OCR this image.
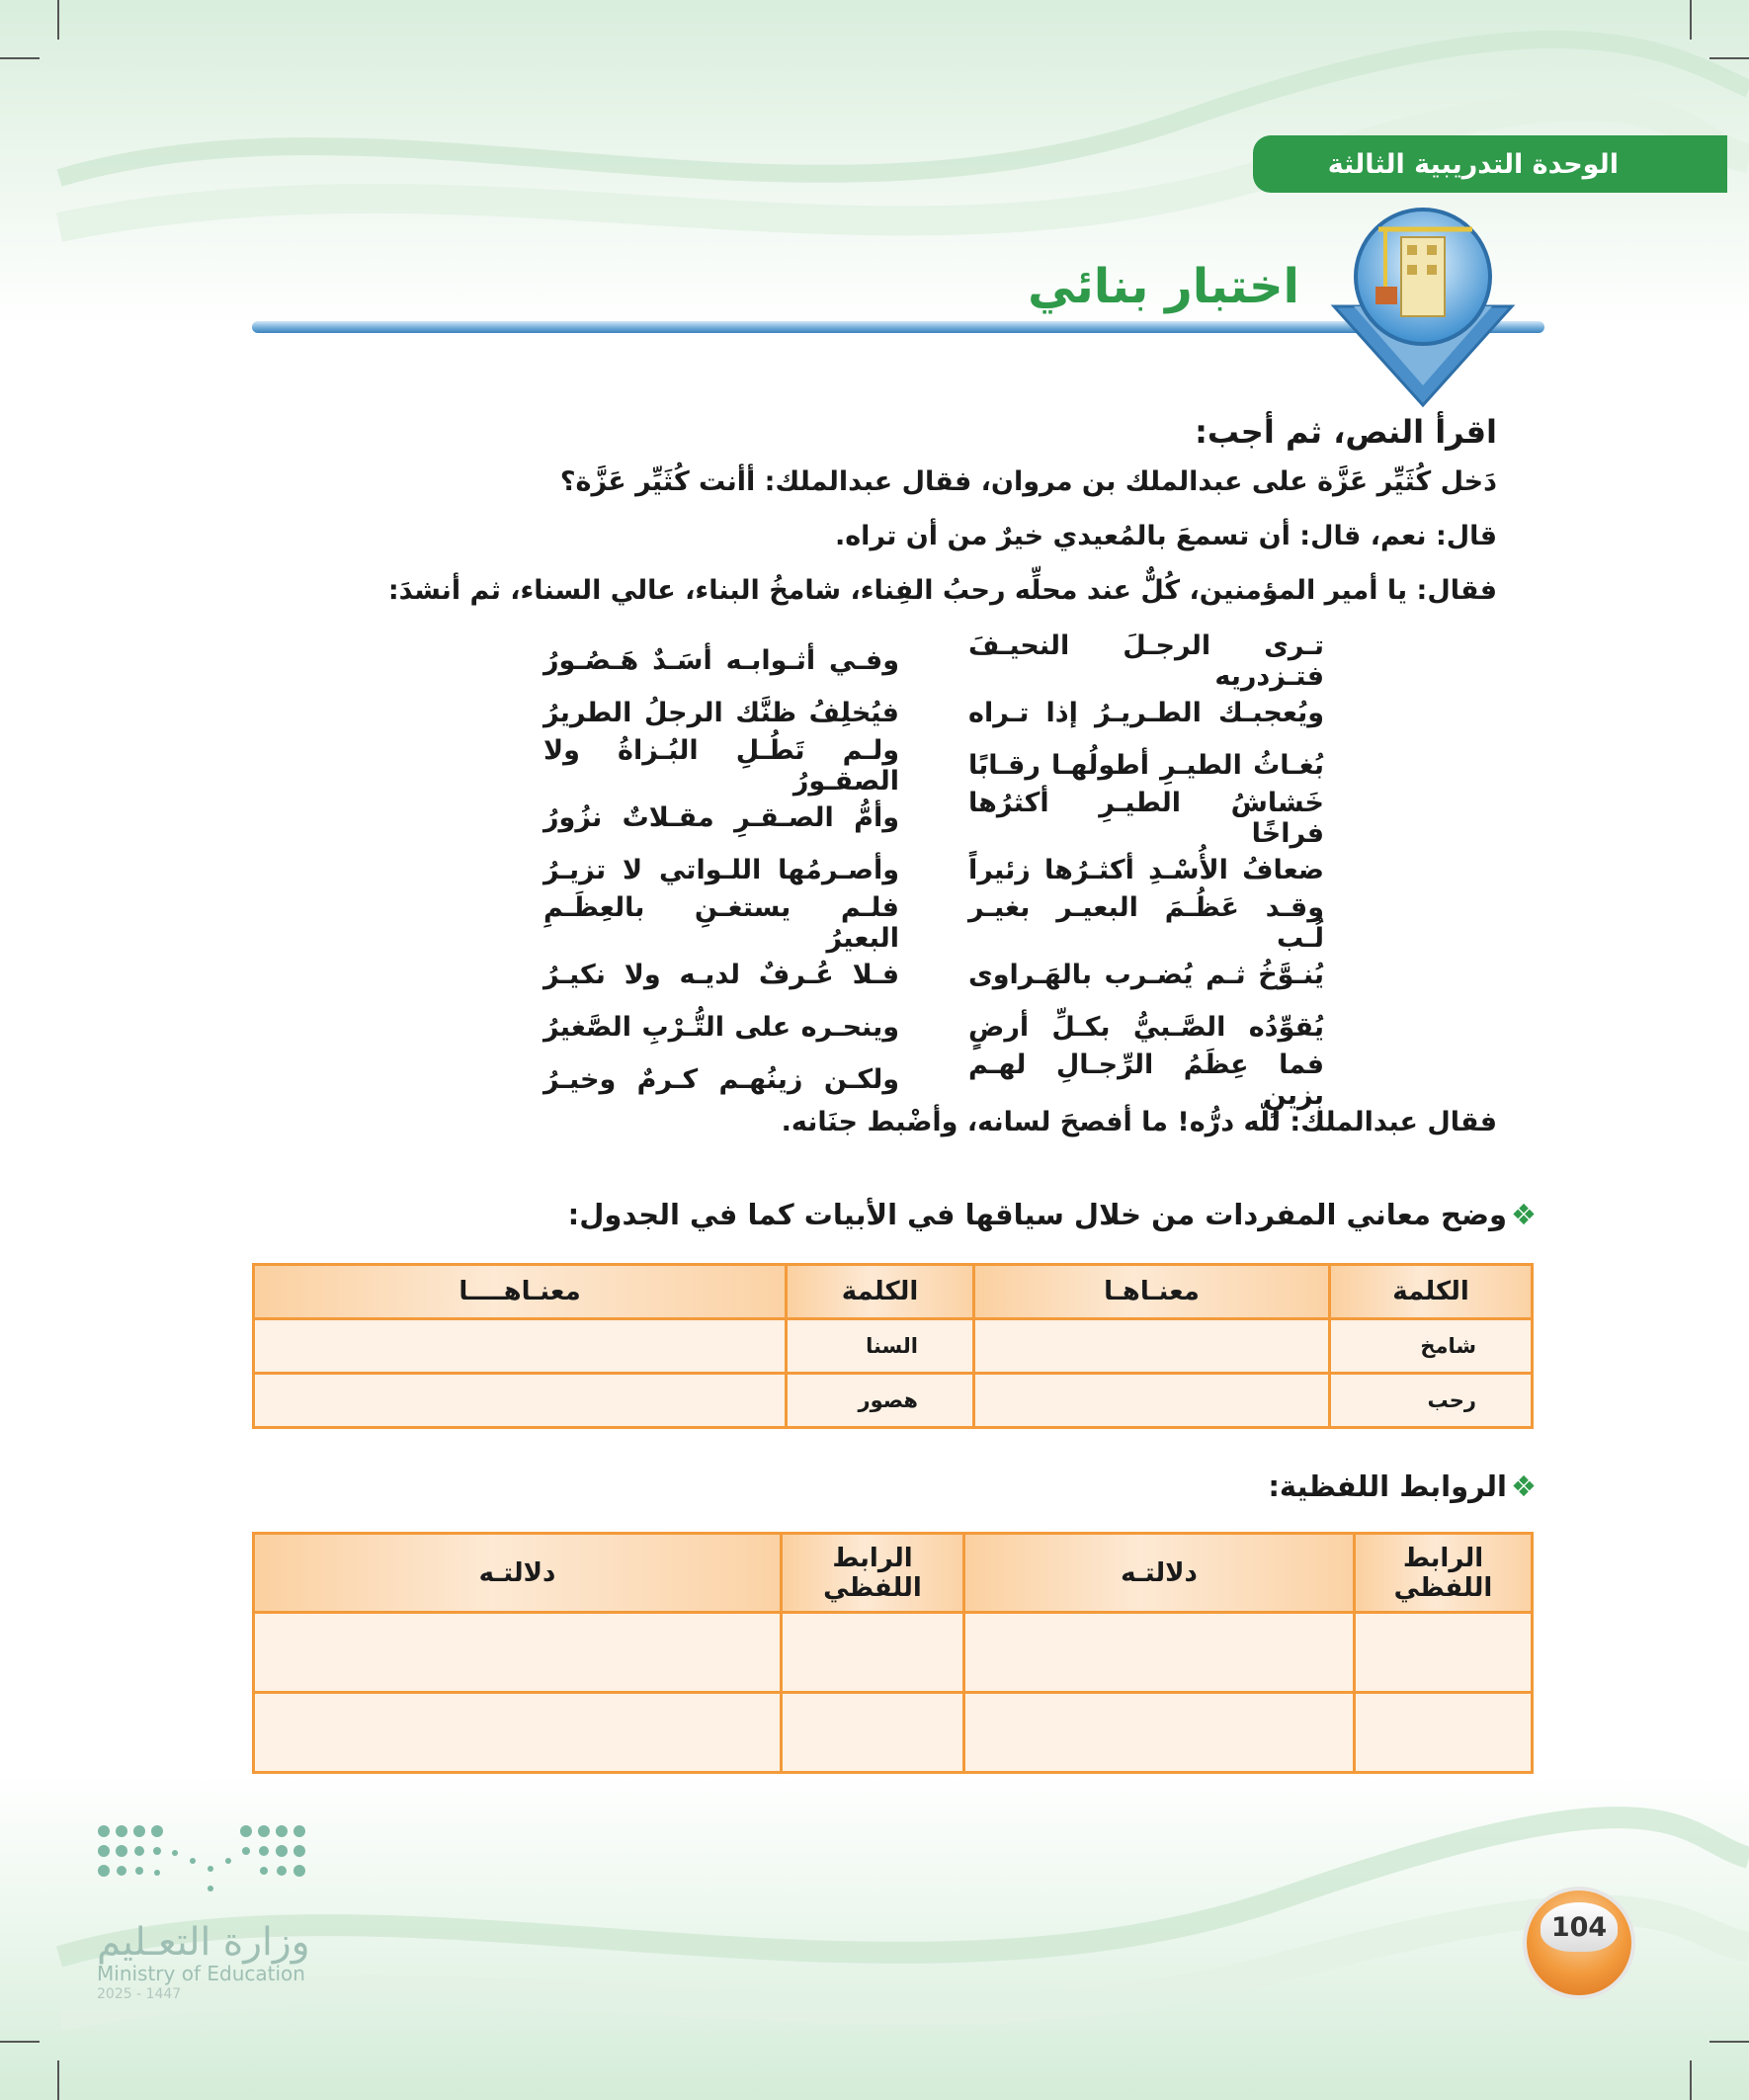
الوحدة التدريبية الثالثة
اختبار بنائي
اقرأ النص، ثم أجب:
دَخل كُثَيِّر عَزَّة على عبدالملك بن مروان، فقال عبدالملك: أأنت كُثَيِّر عَزَّة؟
قال: نعم، قال: أن تسمعَ بالمُعيدي خيرٌ من أن تراه.
فقال: يا أمير المؤمنين، كُلٌّ عند محلِّه رحبُ الفِناء، شامخُ البناء، عالي السناء، ثم أنشدَ:
تـرى الرجـلَ النحيـفَ فتـزدريه
وفـي أثـوابـه أسَـدٌ هَـصُـورُ
ويُعجبـك الطـريـرُ إذا تـراه
فيُخلِفُ ظنَّك الرجلُ الطريرُ
بُغـاثُ الطيـرِ أطولُهـا رقـابًا
ولـم تَطُـلِ البُـزاةُ ولا الصقـورُ
خَشاشُ الطيـرِ أكثرُها فراخًا
وأمُّ الصـقـرِ مقـلاتٌ نزُورُ
ضعافُ الأُسْـدِ أكثـرُها زئيراً
وأصـرمُها اللـواتي لا تزيـرُ
وقـد عَظُـمَ البعيـر بغيـر لُـب
فلـم يستغـنِ بالعِظَـمِ البعيرُ
يُنـوَّخُ ثـم يُضـرب بالهَـراوى
فـلا عُـرفٌ لديـه ولا نكيـرُ
يُقوِّدُه الصَّـبيُّ بكـلِّ أرضٍ
وينحـره على التُّـرْبِ الصَّغيرُ
فما عِظَمُ الرِّجـالِ لهـم بزينٍ
ولكـن زينُهـم كـرمٌ وخيـرُ
فقال عبدالملك: للّه درُّه! ما أفصحَ لسانه، وأضْبط جنَانه.
❖وضح معاني المفردات من خلال سياقها في الأبيات كما في الجدول:
الكلمة	معنـاهـا	الكلمة	معنـاهــــا
شامخ		السنا	
رحب		هصور	
❖الروابط اللفظية:
الرابط اللفظي	دلالتـه	الرابط اللفظي	دلالتـه

وزارة التعـليم
Ministry of Education
2025 - 1447
104
